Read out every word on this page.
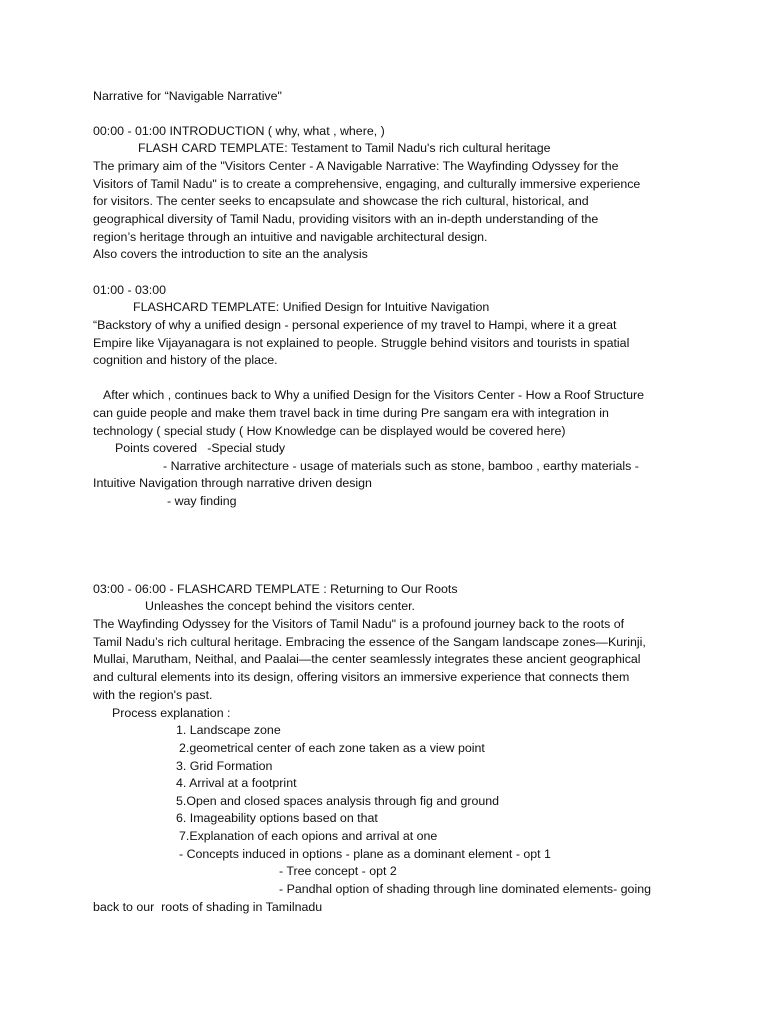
Narrative for “Navigable Narrative"
00:00 - 01:00 INTRODUCTION ( why, what , where, )
FLASH CARD TEMPLATE: Testament to Tamil Nadu's rich cultural heritage
The primary aim of the "Visitors Center - A Navigable Narrative: The Wayfinding Odyssey for the
Visitors of Tamil Nadu" is to create a comprehensive, engaging, and culturally immersive experience
for visitors. The center seeks to encapsulate and showcase the rich cultural, historical, and
geographical diversity of Tamil Nadu, providing visitors with an in-depth understanding of the
region’s heritage through an intuitive and navigable architectural design.
Also covers the introduction to site an the analysis
01:00 - 03:00
FLASHCARD TEMPLATE: Unified Design for Intuitive Navigation
“Backstory of why a unified design - personal experience of my travel to Hampi, where it a great
Empire like Vijayanagara is not explained to people. Struggle behind visitors and tourists in spatial
cognition and history of the place.
After which , continues back to Why a unified Design for the Visitors Center - How a Roof Structure
can guide people and make them travel back in time during Pre sangam era with integration in
technology ( special study ( How Knowledge can be displayed would be covered here)
Points covered   -Special study
- Narrative architecture - usage of materials such as stone, bamboo , earthy materials -
Intuitive Navigation through narrative driven design
- way finding
03:00 - 06:00 - FLASHCARD TEMPLATE : Returning to Our Roots
Unleashes the concept behind the visitors center.
The Wayfinding Odyssey for the Visitors of Tamil Nadu" is a profound journey back to the roots of
Tamil Nadu’s rich cultural heritage. Embracing the essence of the Sangam landscape zones—Kurinji,
Mullai, Marutham, Neithal, and Paalai—the center seamlessly integrates these ancient geographical
and cultural elements into its design, offering visitors an immersive experience that connects them
with the region's past.
Process explanation :
1. Landscape zone
2.geometrical center of each zone taken as a view point
3. Grid Formation
4. Arrival at a footprint
5.Open and closed spaces analysis through fig and ground
6. Imageability options based on that
7.Explanation of each opions and arrival at one
- Concepts induced in options - plane as a dominant element - opt 1
- Tree concept - opt 2
- Pandhal option of shading through line dominated elements- going
back to our  roots of shading in Tamilnadu
